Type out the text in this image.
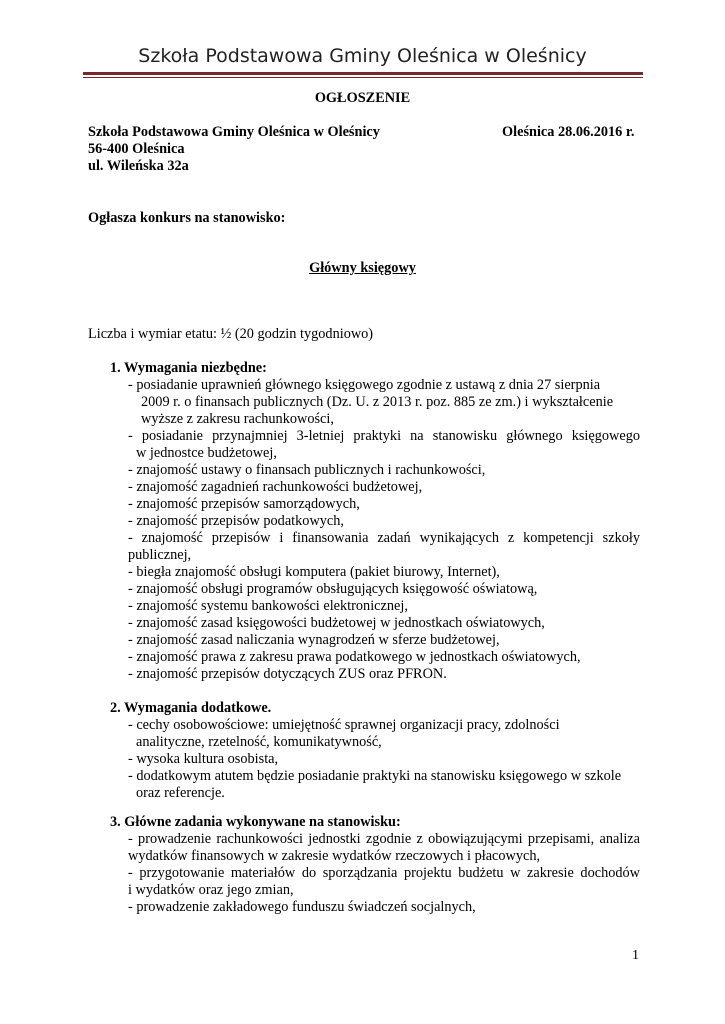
Szkoła Podstawowa Gminy Oleśnica w Oleśnicy
OGŁOSZENIE
Szkoła Podstawowa Gminy Oleśnica w Oleśnicy	Oleśnica 28.06.2016 r.
56-400 Oleśnica
ul. Wileńska 32a
Ogłasza konkurs na stanowisko:
Główny księgowy
Liczba i wymiar etatu: ½ (20 godzin tygodniowo)
1. Wymagania niezbędne:
- posiadanie uprawnień głównego księgowego zgodnie z ustawą z dnia 27 sierpnia
2009 r. o finansach publicznych (Dz. U. z 2013 r. poz. 885 ze zm.) i wykształcenie
wyższe z zakresu rachunkowości,
- posiadanie przynajmniej 3-letniej praktyki na stanowisku głównego księgowego
w jednostce budżetowej,
- znajomość ustawy o finansach publicznych i rachunkowości,
- znajomość zagadnień rachunkowości budżetowej,
- znajomość przepisów samorządowych,
- znajomość przepisów podatkowych,
- znajomość przepisów i finansowania zadań wynikających z kompetencji szkoły
publicznej,
- biegła znajomość obsługi komputera (pakiet biurowy, Internet),
- znajomość obsługi programów obsługujących księgowość oświatową,
- znajomość systemu bankowości elektronicznej,
- znajomość zasad księgowości budżetowej w jednostkach oświatowych,
- znajomość zasad naliczania wynagrodzeń w sferze budżetowej,
- znajomość prawa z zakresu prawa podatkowego w jednostkach oświatowych,
- znajomość przepisów dotyczących ZUS oraz PFRON.
2. Wymagania dodatkowe.
- cechy osobowościowe: umiejętność sprawnej organizacji pracy, zdolności
analityczne, rzetelność, komunikatywność,
- wysoka kultura osobista,
- dodatkowym atutem będzie posiadanie praktyki na stanowisku księgowego w szkole
oraz referencje.
3. Główne zadania wykonywane na stanowisku:
- prowadzenie rachunkowości jednostki zgodnie z obowiązującymi przepisami, analiza
wydatków finansowych w zakresie wydatków rzeczowych i płacowych,
- przygotowanie materiałów do sporządzania projektu budżetu w zakresie dochodów
i wydatków oraz jego zmian,
- prowadzenie zakładowego funduszu świadczeń socjalnych,
1
